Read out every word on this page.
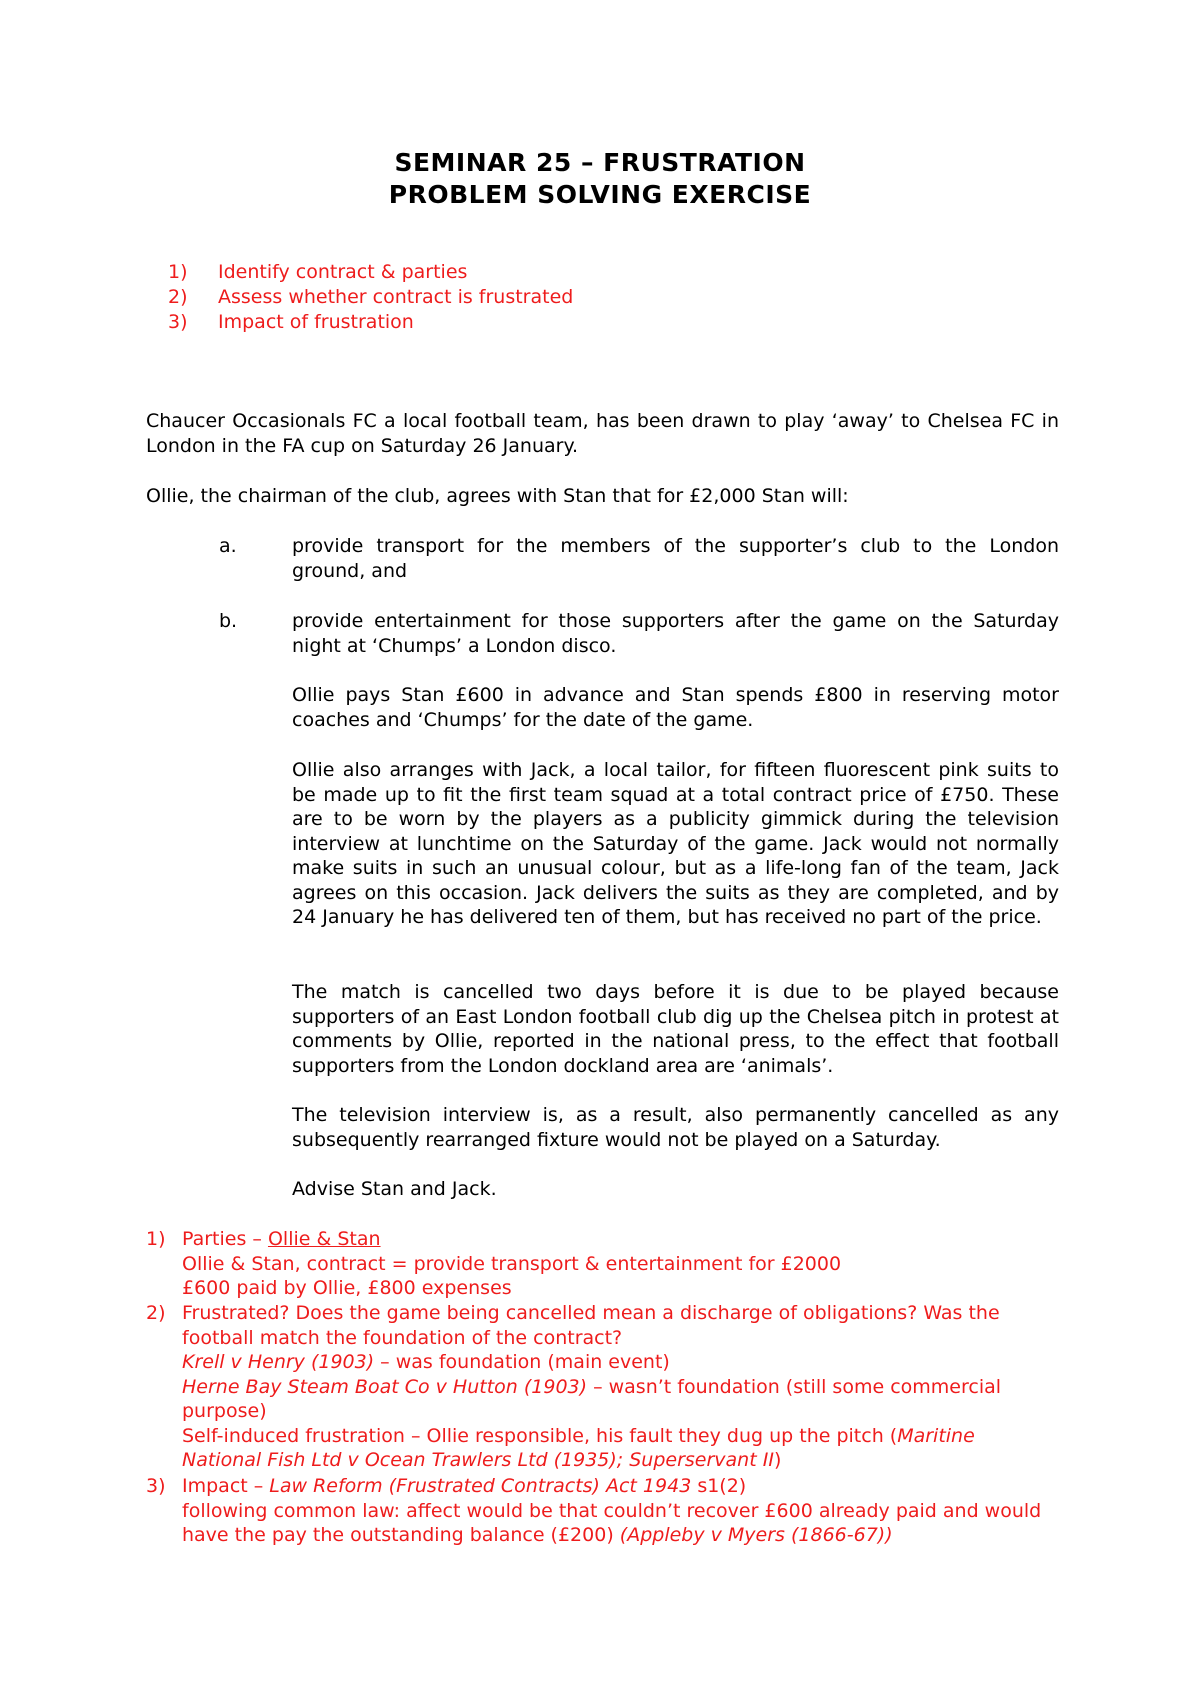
SEMINAR 25 – FRUSTRATION
PROBLEM SOLVING EXERCISE
1) Identify contract & parties
2) Assess whether contract is frustrated
3) Impact of frustration
Chaucer Occasionals FC a local football team, has been drawn to play ‘away’ to Chelsea FC in London in the FA cup on Saturday 26 January.
Ollie, the chairman of the club, agrees with Stan that for £2,000 Stan will:
a.	provide transport for the members of the supporter’s club to the London ground, and
b.	provide entertainment for those supporters after the game on the Saturday night at ‘Chumps’ a London disco.
Ollie pays Stan £600 in advance and Stan spends £800 in reserving motor coaches and ‘Chumps’ for the date of the game.
Ollie also arranges with Jack, a local tailor, for fifteen fluorescent pink suits to be made up to fit the first team squad at a total contract price of £750. These are to be worn by the players as a publicity gimmick during the television interview at lunchtime on the Saturday of the game. Jack would not normally make suits in such an unusual colour, but as a life-long fan of the team, Jack agrees on this occasion. Jack delivers the suits as they are completed, and by 24 January he has delivered ten of them, but has received no part of the price.
The match is cancelled two days before it is due to be played because supporters of an East London football club dig up the Chelsea pitch in protest at comments by Ollie, reported in the national press, to the effect that football supporters from the London dockland area are ‘animals’.
The television interview is, as a result, also permanently cancelled as any subsequently rearranged fixture would not be played on a Saturday.
Advise Stan and Jack.
1) Parties – Ollie & Stan
Ollie & Stan, contract = provide transport & entertainment for £2000
£600 paid by Ollie, £800 expenses
2) Frustrated? Does the game being cancelled mean a discharge of obligations? Was the football match the foundation of the contract?
Krell v Henry (1903) – was foundation (main event)
Herne Bay Steam Boat Co v Hutton (1903) – wasn’t foundation (still some commercial purpose)
Self-induced frustration – Ollie responsible, his fault they dug up the pitch (Maritine National Fish Ltd v Ocean Trawlers Ltd (1935); Superservant II)
3) Impact – Law Reform (Frustrated Contracts) Act 1943 s1(2)
following common law: affect would be that couldn’t recover £600 already paid and would have the pay the outstanding balance (£200) (Appleby v Myers (1866-67))
